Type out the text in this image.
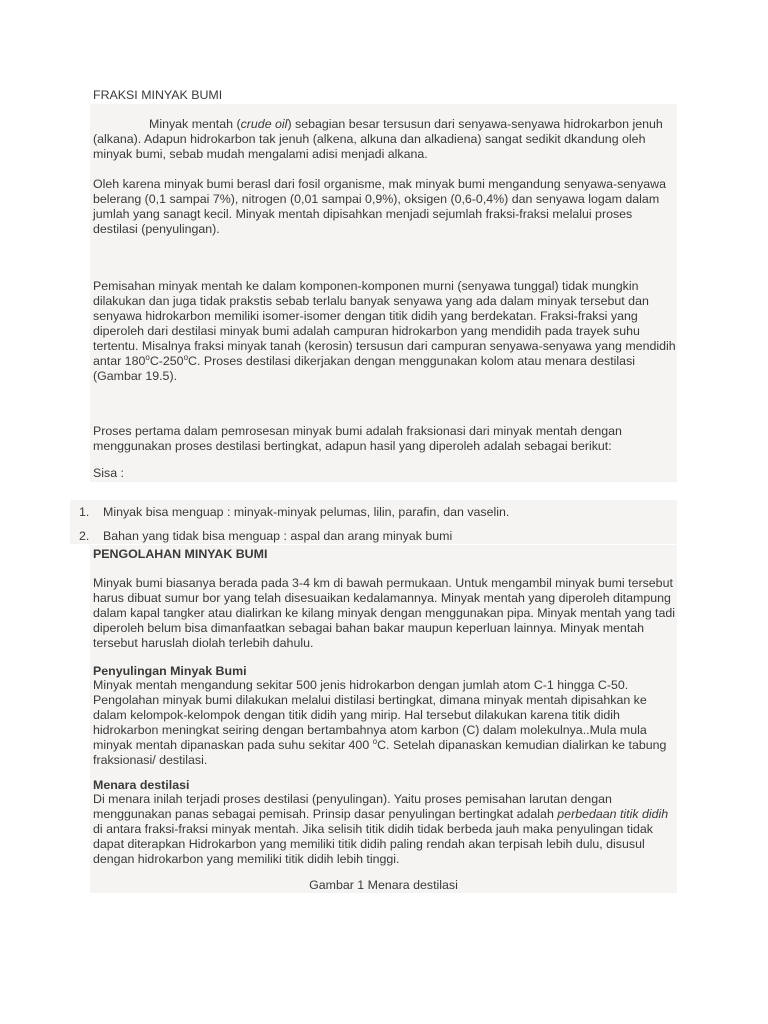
FRAKSI MINYAK BUMI

Minyak mentah (crude oil) sebagian besar tersusun dari senyawa-senyawa hidrokarbon jenuh (alkana). Adapun hidrokarbon tak jenuh (alkena, alkuna dan alkadiena) sangat sedikit dkandung oleh minyak bumi, sebab mudah mengalami adisi menjadi alkana.

Oleh karena minyak bumi berasl dari fosil organisme, mak minyak bumi mengandung senyawa-senyawa belerang (0,1 sampai 7%), nitrogen (0,01 sampai 0,9%), oksigen (0,6-0,4%) dan senyawa logam dalam jumlah yang sanagt kecil. Minyak mentah dipisahkan menjadi sejumlah fraksi-fraksi melalui proses destilasi (penyulingan).

Pemisahan minyak mentah ke dalam komponen-komponen murni (senyawa tunggal) tidak mungkin dilakukan dan juga tidak prakstis sebab terlalu banyak senyawa yang ada dalam minyak tersebut dan senyawa hidrokarbon memiliki isomer-isomer dengan titik didih yang berdekatan. Fraksi-fraksi yang diperoleh dari destilasi minyak bumi adalah campuran hidrokarbon yang mendidih pada trayek suhu tertentu. Misalnya fraksi minyak tanah (kerosin) tersusun dari campuran senyawa-senyawa yang mendidih antar 180$^o$C-250$^o$C. Proses destilasi dikerjakan dengan menggunakan kolom atau menara destilasi (Gambar 19.5).

Proses pertama dalam pemrosesan minyak bumi adalah fraksionasi dari minyak mentah dengan menggunakan proses destilasi bertingkat, adapun hasil yang diperoleh adalah sebagai berikut:

Sisa :
1. Minyak bisa menguap : minyak-minyak pelumas, lilin, parafin, dan vaselin.
2. Bahan yang tidak bisa menguap : aspal dan arang minyak bumi
PENGOLAHAN MINYAK BUMI

Minyak bumi biasanya berada pada 3-4 km di bawah permukaan. Untuk mengambil minyak bumi tersebut harus dibuat sumur bor yang telah disesuaikan kedalamannya. Minyak mentah yang diperoleh ditampung dalam kapal tangker atau dialirkan ke kilang minyak dengan menggunakan pipa. Minyak mentah yang tadi diperoleh belum bisa dimanfaatkan sebagai bahan bakar maupun keperluan lainnya. Minyak mentah tersebut haruslah diolah terlebih dahulu.

Penyulingan Minyak Bumi

Minyak mentah mengandung sekitar 500 jenis hidrokarbon dengan jumlah atom C-1 hingga C-50. Pengolahan minyak bumi dilakukan melalui distilasi bertingkat, dimana minyak mentah dipisahkan ke dalam kelompok-kelompok dengan titik didih yang mirip. Hal tersebut dilakukan karena titik didih hidrokarbon meningkat seiring dengan bertambahnya atom karbon (C) dalam molekulnya..Mula mula minyak mentah dipanaskan pada suhu sekitar 400 $^o$C. Setelah dipanaskan kemudian dialirkan ke tabung fraksionasi/ destilasi.

Menara destilasi

Di menara inilah terjadi proses destilasi (penyulingan). Yaitu proses pemisahan larutan dengan menggunakan panas sebagai pemisah. Prinsip dasar penyulingan bertingkat adalah perbedaan titik didih di antara fraksi-fraksi minyak mentah. Jika selisih titik didih tidak berbeda jauh maka penyulingan tidak dapat diterapkan Hidrokarbon yang memiliki titik didih paling rendah akan terpisah lebih dulu, disusul dengan hidrokarbon yang memiliki titik didih lebih tinggi.

Gambar 1 Menara destilasi
